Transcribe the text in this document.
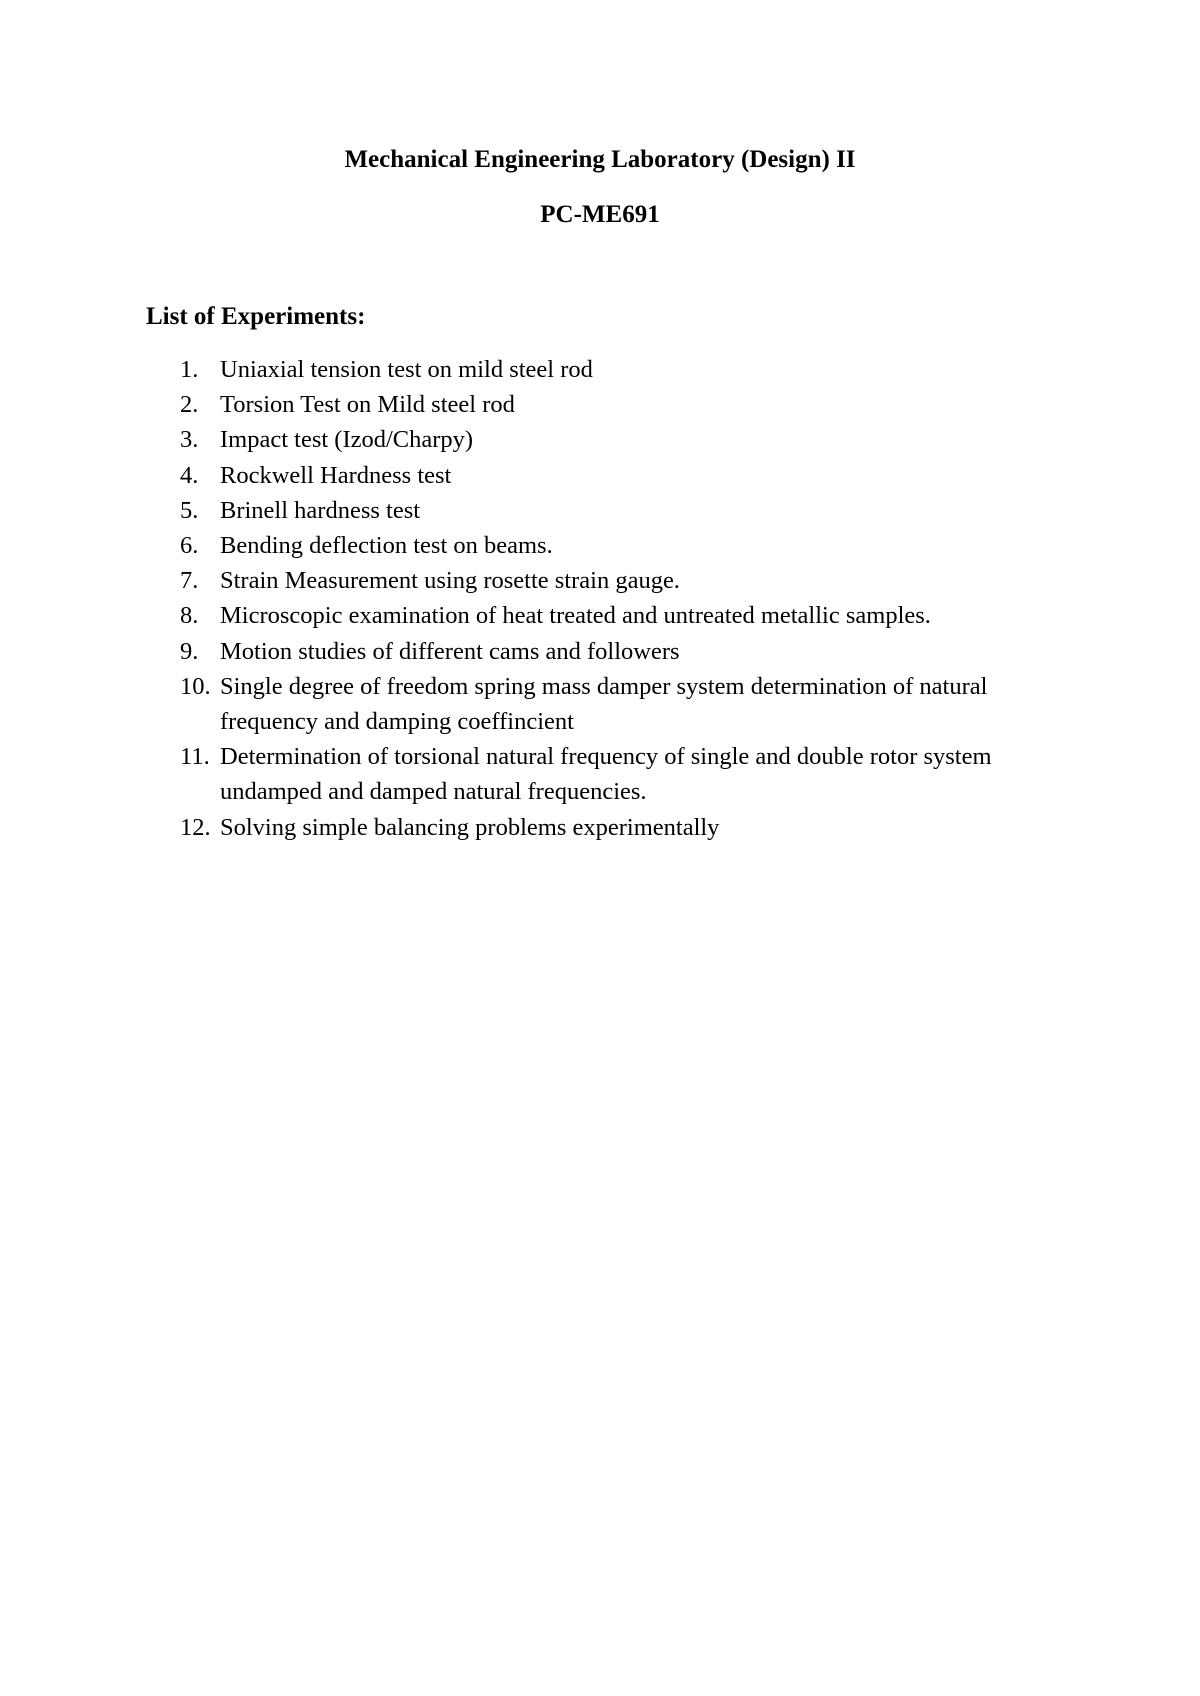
Mechanical Engineering Laboratory (Design) II
PC-ME691
List of Experiments:
1. Uniaxial tension test on mild steel rod
2. Torsion Test on Mild steel rod
3. Impact test (Izod/Charpy)
4. Rockwell Hardness test
5. Brinell hardness test
6. Bending deflection test on beams.
7. Strain Measurement using rosette strain gauge.
8. Microscopic examination of heat treated and untreated metallic samples.
9. Motion studies of different cams and followers
10. Single degree of freedom spring mass damper system determination of natural frequency and damping coeffincient
11. Determination of torsional natural frequency of single and double rotor system undamped and damped natural frequencies.
12. Solving simple balancing problems experimentally
